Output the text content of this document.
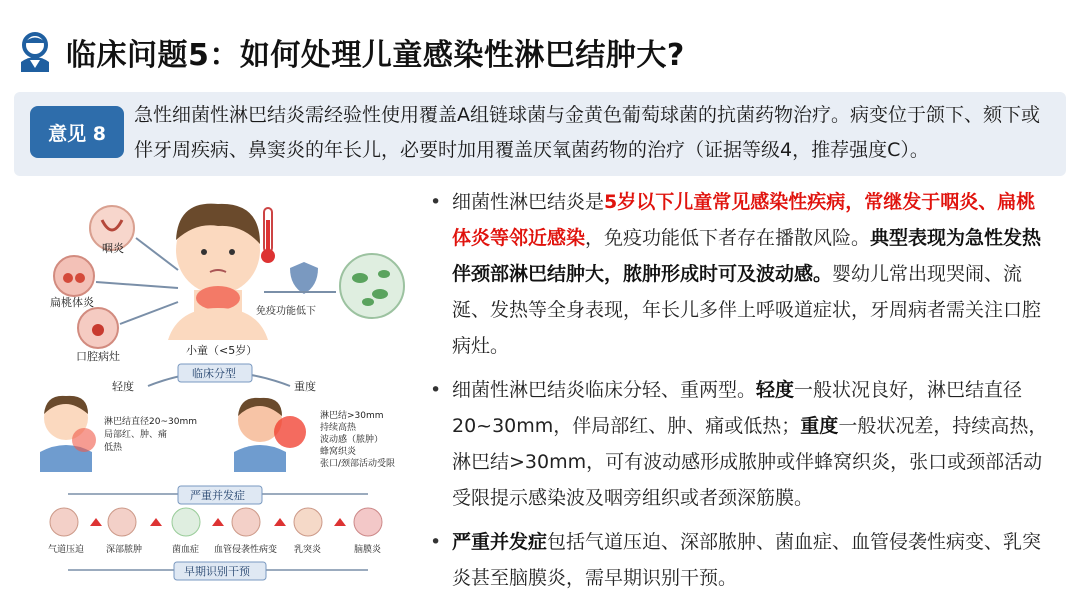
临床问题5：如何处理儿童感染性淋巴结肿大?
意见 8
急性细菌性淋巴结炎需经验性使用覆盖A组链球菌与金黄色葡萄球菌的抗菌药物治疗。病变位于颌下、颏下或伴牙周疾病、鼻窦炎的年长儿，必要时加用覆盖厌氧菌药物的治疗（证据等级4，推荐强度C）。
咽炎
扁桃体炎
口腔病灶	小童（<5岁）
免疫功能低下
临床分型
轻度	重度
淋巴结直径20~30mm
局部红、肿、痛
低热
淋巴结>30mm
持续高热
波动感（脓肿）
蜂窝织炎
张口/颈部活动受限
严重并发症
气道压迫 深部脓肿	菌血症 血管侵袭性病变 乳突炎	脑膜炎
早期识别干预
• 细菌性淋巴结炎是5岁以下儿童常见感染性疾病，常继发于咽炎、扁桃体炎等邻近感染，免疫功能低下者存在播散风险。典型表现为急性发热伴颈部淋巴结肿大，脓肿形成时可及波动感。婴幼儿常出现哭闹、流涎、发热等全身表现，年长儿多伴上呼吸道症状，牙周病者需关注口腔病灶。
• 细菌性淋巴结炎临床分轻、重两型。轻度一般状况良好，淋巴结直径20~30mm，伴局部红、肿、痛或低热；重度一般状况差，持续高热，淋巴结>30mm，可有波动感形成脓肿或伴蜂窝织炎，张口或颈部活动受限提示感染波及咽旁组织或者颈深筋膜。
• 严重并发症包括气道压迫、深部脓肿、菌血症、血管侵袭性病变、乳突炎甚至脑膜炎，需早期识别干预。
